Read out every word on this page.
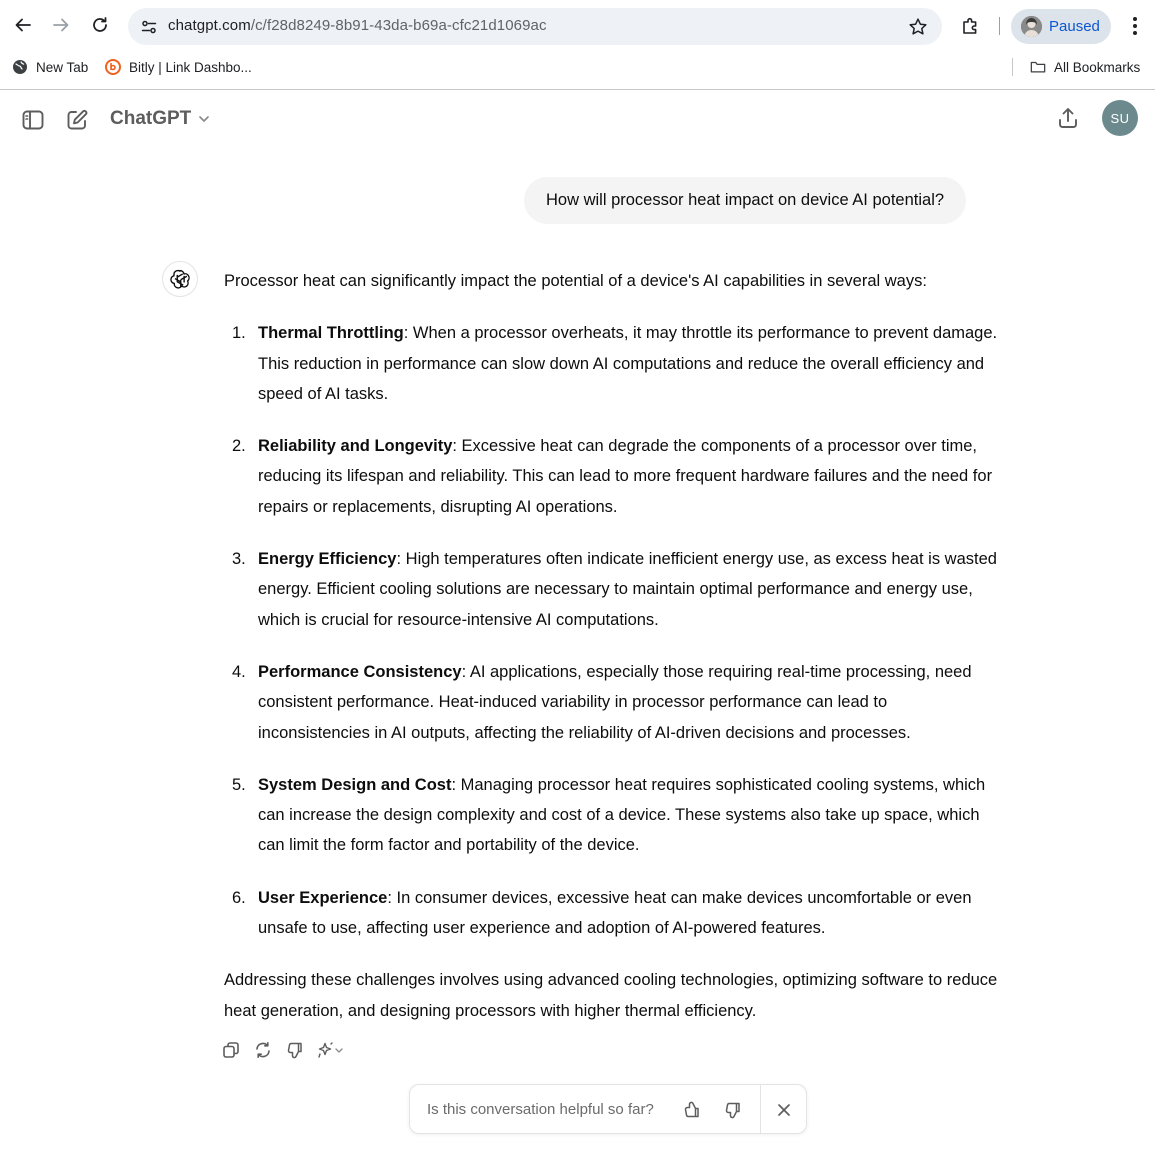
chatgpt.com/c/f28d8249-8b91-43da-b69a-cfc21d1069ac	Paused
New Tab	Bitly | Link Dashbo...	All Bookmarks
ChatGPT	SU
How will processor heat impact on device AI potential?

Processor heat can significantly impact the potential of a device's AI capabilities in several ways:

1. Thermal Throttling: When a processor overheats, it may throttle its performance to prevent damage. This reduction in performance can slow down AI computations and reduce the overall efficiency and speed of AI tasks.
2. Reliability and Longevity: Excessive heat can degrade the components of a processor over time, reducing its lifespan and reliability. This can lead to more frequent hardware failures and the need for repairs or replacements, disrupting AI operations.
3. Energy Efficiency: High temperatures often indicate inefficient energy use, as excess heat is wasted energy. Efficient cooling solutions are necessary to maintain optimal performance and energy use, which is crucial for resource-intensive AI computations.
4. Performance Consistency: AI applications, especially those requiring real-time processing, need consistent performance. Heat-induced variability in processor performance can lead to inconsistencies in AI outputs, affecting the reliability of AI-driven decisions and processes.
5. System Design and Cost: Managing processor heat requires sophisticated cooling systems, which can increase the design complexity and cost of a device. These systems also take up space, which can limit the form factor and portability of the device.
6. User Experience: In consumer devices, excessive heat can make devices uncomfortable or even unsafe to use, affecting user experience and adoption of AI-powered features.

Addressing these challenges involves using advanced cooling technologies, optimizing software to reduce heat generation, and designing processors with higher thermal efficiency.

Is this conversation helpful so far?
